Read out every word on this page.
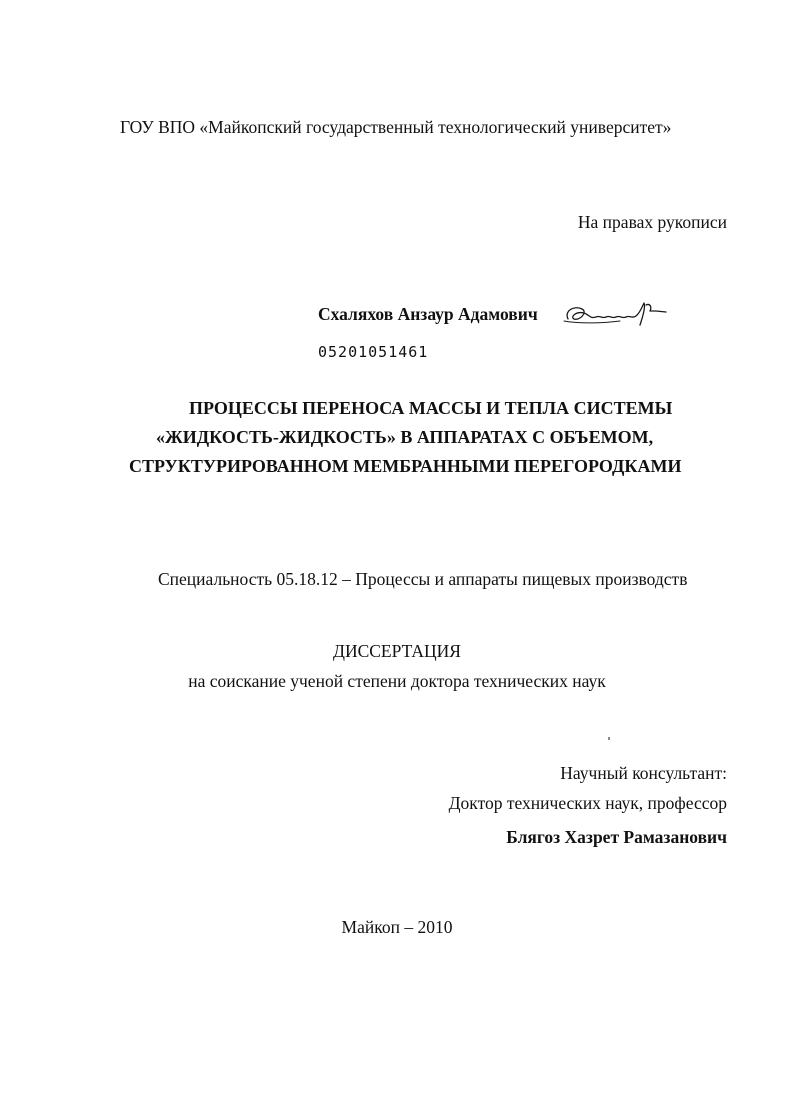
ГОУ ВПО «Майкопский государственный технологический университет»
На правах рукописи
Схаляхов Анзаур Адамович
05201051461
ПРОЦЕССЫ ПЕРЕНОСА МАССЫ И ТЕПЛА СИСТЕМЫ
«ЖИДКОСТЬ-ЖИДКОСТЬ» В АППАРАТАХ С ОБЪЕМОМ,
СТРУКТУРИРОВАННОМ МЕМБРАННЫМИ ПЕРЕГОРОДКАМИ
Специальность 05.18.12 – Процессы и аппараты пищевых производств
ДИССЕРТАЦИЯ
на соискание ученой степени доктора технических наук
Научный консультант:
Доктор технических наук, профессор
Блягоз Хазрет Рамазанович
Майкоп – 2010
